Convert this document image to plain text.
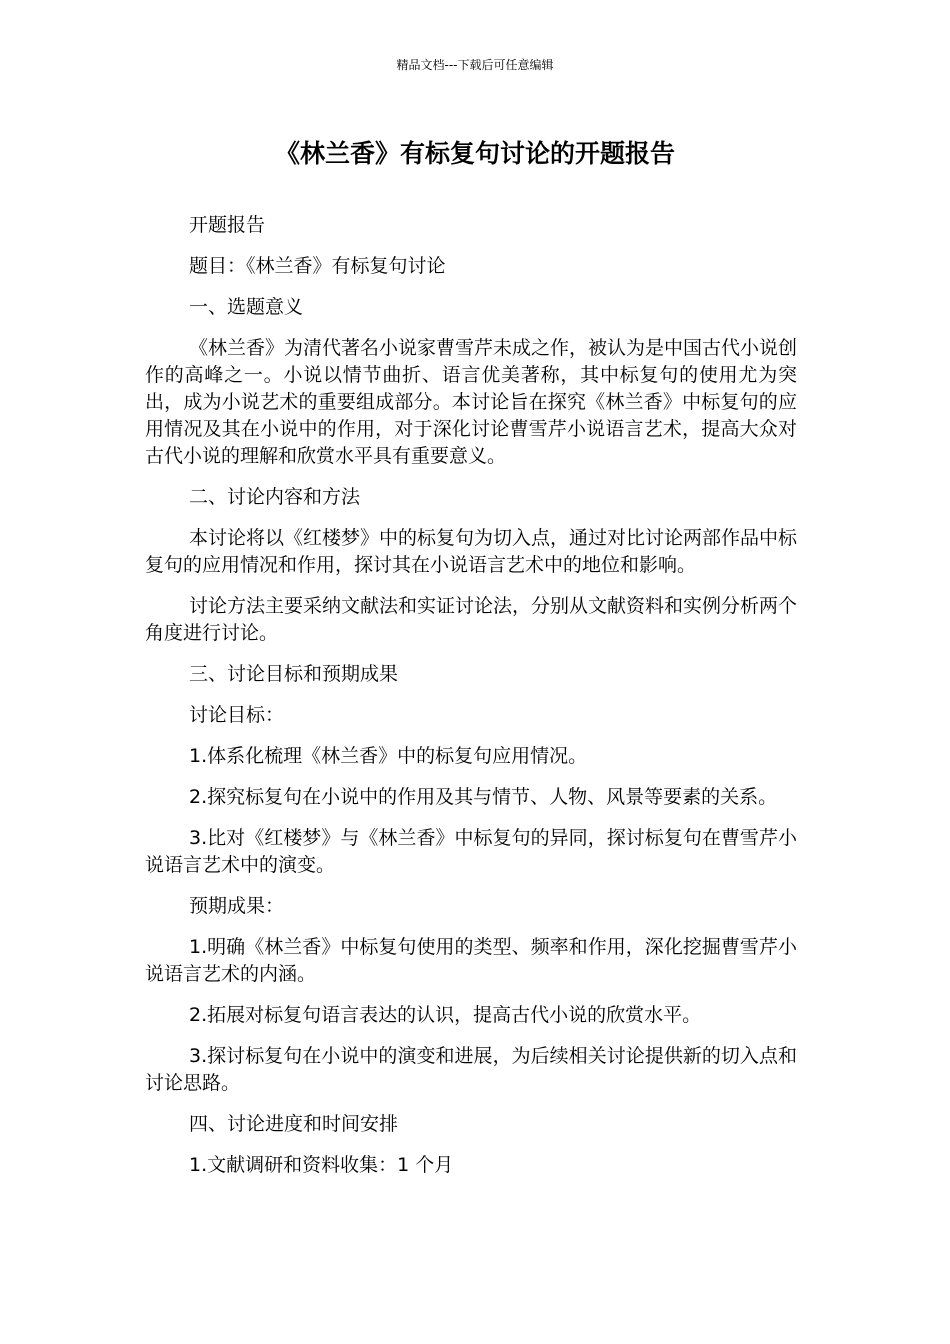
精品文档---下载后可任意编辑
《林兰香》有标复句讨论的开题报告

开题报告

题目：《林兰香》有标复句讨论

一、选题意义

《林兰香》为清代著名小说家曹雪芹未成之作，被认为是中国古代小说创作的高峰之一。小说以情节曲折、语言优美著称，其中标复句的使用尤为突出，成为小说艺术的重要组成部分。本讨论旨在探究《林兰香》中标复句的应用情况及其在小说中的作用，对于深化讨论曹雪芹小说语言艺术，提高大众对古代小说的理解和欣赏水平具有重要意义。

二、讨论内容和方法

本讨论将以《红楼梦》中的标复句为切入点，通过对比讨论两部作品中标复句的应用情况和作用，探讨其在小说语言艺术中的地位和影响。

讨论方法主要采纳文献法和实证讨论法，分别从文献资料和实例分析两个角度进行讨论。

三、讨论目标和预期成果

讨论目标：

1.体系化梳理《林兰香》中的标复句应用情况。

2.探究标复句在小说中的作用及其与情节、人物、风景等要素的关系。

3.比对《红楼梦》与《林兰香》中标复句的异同，探讨标复句在曹雪芹小说语言艺术中的演变。

预期成果：

1.明确《林兰香》中标复句使用的类型、频率和作用，深化挖掘曹雪芹小说语言艺术的内涵。

2.拓展对标复句语言表达的认识，提高古代小说的欣赏水平。

3.探讨标复句在小说中的演变和进展，为后续相关讨论提供新的切入点和讨论思路。

四、讨论进度和时间安排

1.文献调研和资料收集：1 个月
